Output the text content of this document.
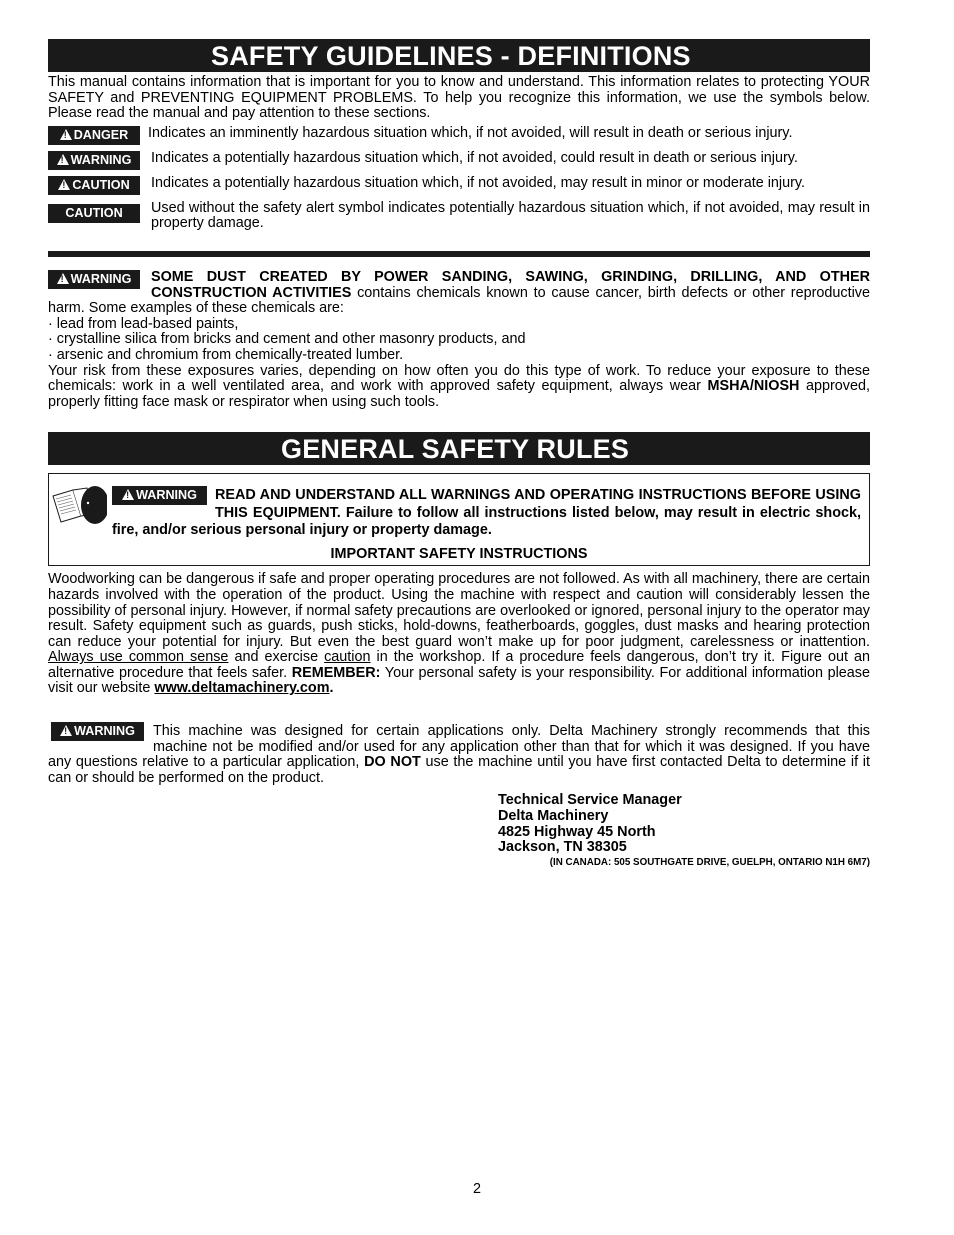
SAFETY GUIDELINES - DEFINITIONS

This manual contains information that is important for you to know and understand. This information relates to protecting YOUR SAFETY and PREVENTING EQUIPMENT PROBLEMS. To help you recognize this information, we use the symbols below. Please read the manual and pay attention to these sections.

!
DANGER Indicates an imminently hazardous situation which, if not avoided, will result in death or serious injury.
!
WARNING Indicates a potentially hazardous situation which, if not avoided, could result in death or serious injury.
!
CAUTION Indicates a potentially hazardous situation which, if not avoided, may result in minor or moderate injury.
CAUTION Used without the safety alert symbol indicates potentially hazardous situation which, if not avoided, may result in property damage.
!
WARNING	SOME DUST CREATED BY POWER SANDING, SAWING, GRINDING, DRILLING, AND OTHER CONSTRUCTION ACTIVITIES contains chemicals known to cause cancer, birth defects or other reproductive harm. Some examples of these chemicals are:

· lead from lead-based paints,
· crystalline silica from bricks and cement and other masonry products, and
· arsenic and chromium from chemically-treated lumber.

Your risk from these exposures varies, depending on how often you do this type of work. To reduce your exposure to these chemicals: work in a well ventilated area, and work with approved safety equipment, always wear MSHA/NIOSH approved, properly fitting face mask or respirator when using such tools.

GENERAL SAFETY RULES
!
WARNING READ AND UNDERSTAND ALL WARNINGS AND OPERATING INSTRUCTIONS BEFORE USING THIS EQUIPMENT. Failure to follow all instructions listed below, may result in electric shock, fire, and/or serious personal injury or property damage.
IMPORTANT SAFETY INSTRUCTIONS

Woodworking can be dangerous if safe and proper operating procedures are not followed. As with all machinery, there are certain hazards involved with the operation of the product. Using the machine with respect and caution will considerably lessen the possibility of personal injury. However, if normal safety precautions are overlooked or ignored, personal injury to the operator may result. Safety equipment such as guards, push sticks, hold-downs, featherboards, goggles, dust masks and hearing protection can reduce your potential for injury. But even the best guard won’t make up for poor judgment, carelessness or inattention. Always use common sense and exercise caution in the workshop. If a procedure feels dangerous, don’t try it. Figure out an alternative procedure that feels safer. REMEMBER: Your personal safety is your responsibility. For additional information please visit our website www.deltamachinery.com.

!
WARNING	This machine was designed for certain applications only. Delta Machinery strongly recommends that this machine not be modified and/or used for any application other than that for which it was designed. If you have any questions relative to a particular application, DO NOT use the machine until you have first contacted Delta to determine if it can or should be performed on the product.

Technical Service Manager
Delta Machinery
4825 Highway 45 North
Jackson, TN 38305
(IN CANADA: 505 SOUTHGATE DRIVE, GUELPH, ONTARIO N1H 6M7)
2
